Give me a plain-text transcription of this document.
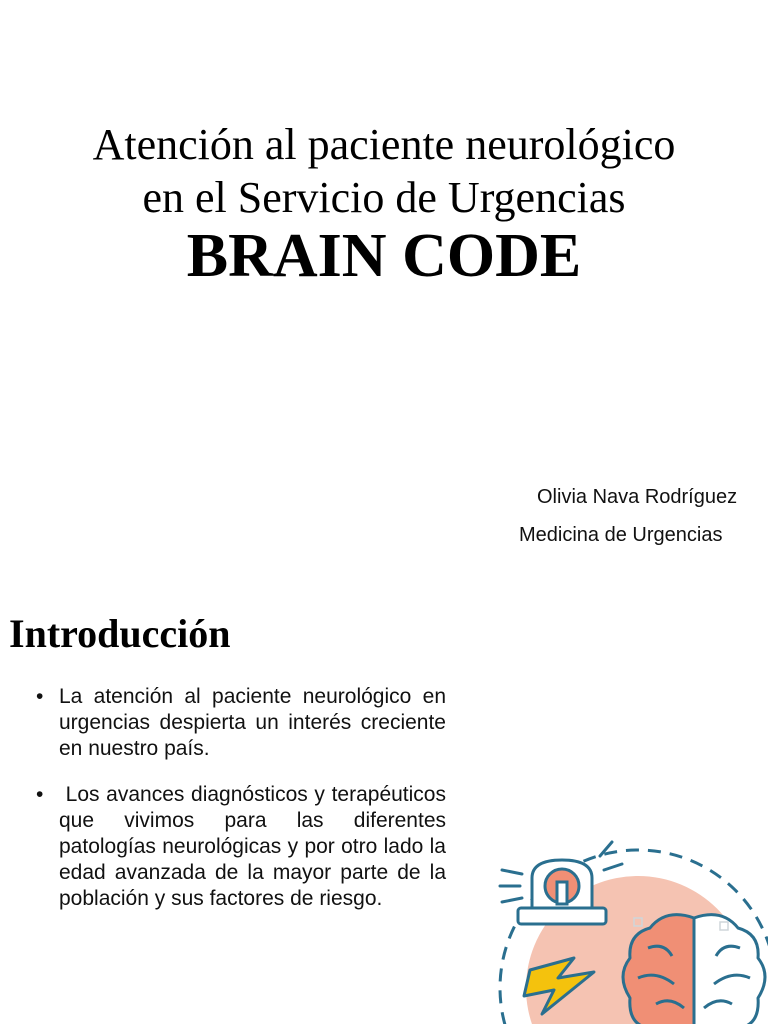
Atención al paciente neurológico
en el Servicio de Urgencias
BRAIN CODE
Olivia Nava Rodríguez
Medicina de Urgencias
Introducción
• La atención al paciente neurológico en urgencias despierta un interés creciente en nuestro país.
• Los avances diagnósticos y terapéuticos que vivimos para las diferentes patologías neurológicas y por otro lado la edad avanzada de la mayor parte de la población y sus factores de riesgo.
